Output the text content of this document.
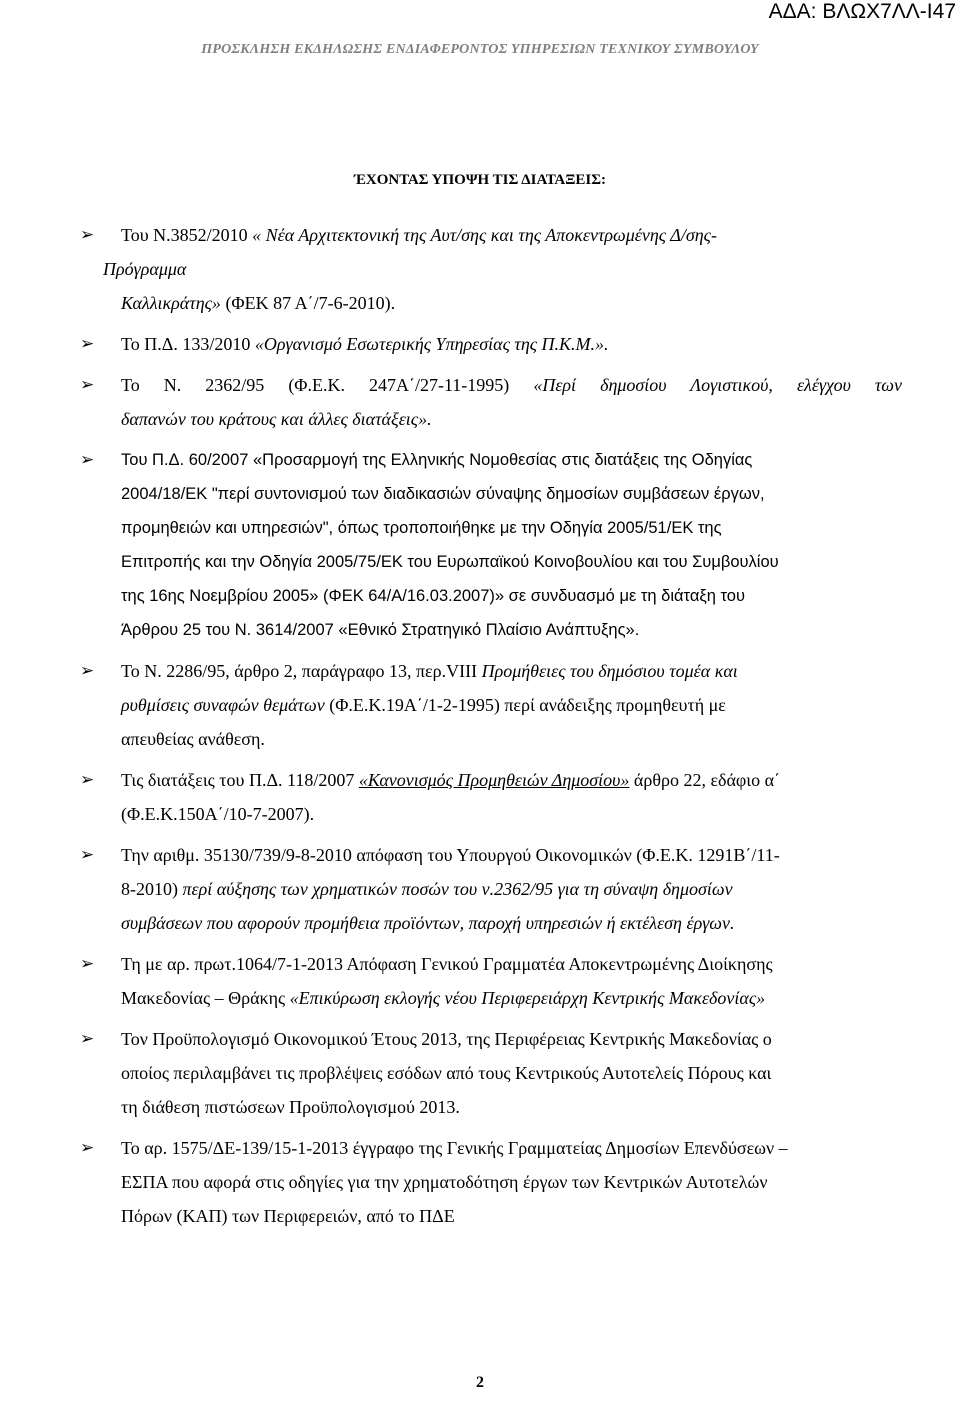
ΑΔΑ: ΒΛΩΧ7ΛΛ-Ι47
ΠΡΟΣΚΛΗΣΗ ΕΚΔΗΛΩΣΗΣ ΕΝΔΙΑΦΕΡΟΝΤΟΣ ΥΠΗΡΕΣΙΩΝ ΤΕΧΝΙΚΟΥ ΣΥΜΒΟΥΛΟΥ
ΈΧΟΝΤΑΣ ΥΠΟΨΗ ΤΙΣ ΔΙΑΤΑΞΕΙΣ:
➢ Του Ν.3852/2010 « Νέα Αρχιτεκτονική της Αυτ/σης και της Αποκεντρωμένης Δ/σης-
Πρόγραμμα
Καλλικράτης» (ΦΕΚ 87 Α΄/7-6-2010).
➢ Το Π.Δ. 133/2010 «Οργανισμό Εσωτερικής Υπηρεσίας της Π.Κ.Μ.».
➢ Το Ν. 2362/95 (Φ.Ε.Κ. 247Α΄/27-11-1995) «Περί δημοσίου Λογιστικού, ελέγχου των
δαπανών του κράτους και άλλες διατάξεις».
➢ Του Π.Δ. 60/2007 «Προσαρμογή της Ελληνικής Νομοθεσίας στις διατάξεις της Οδηγίας
2004/18/ΕΚ "περί συντονισμού των διαδικασιών σύναψης δημοσίων συμβάσεων έργων,
προμηθειών και υπηρεσιών", όπως τροποποιήθηκε με την Οδηγία 2005/51/ΕΚ της
Επιτροπής και την Οδηγία 2005/75/ΕΚ του Ευρωπαϊκού Κοινοβουλίου και του Συμβουλίου
της 16ης Νοεμβρίου 2005» (ΦΕΚ 64/Α/16.03.2007)» σε συνδυασμό με τη διάταξη του
Άρθρου 25 του Ν. 3614/2007 «Εθνικό Στρατηγικό Πλαίσιο Ανάπτυξης».
➢ Το Ν. 2286/95, άρθρο 2, παράγραφο 13, περ.VIII Προμήθειες του δημόσιου τομέα και
ρυθμίσεις συναφών θεμάτων (Φ.Ε.Κ.19Α΄/1-2-1995) περί ανάδειξης προμηθευτή με
απευθείας ανάθεση.
➢ Τις διατάξεις του Π.Δ. 118/2007 «Κανονισμός Προμηθειών Δημοσίου» άρθρο 22, εδάφιο α΄
(Φ.Ε.Κ.150Α΄/10-7-2007).
➢ Την αριθμ. 35130/739/9-8-2010 απόφαση του Υπουργού Οικονομικών (Φ.Ε.Κ. 1291Β΄/11-
8-2010) περί αύξησης των χρηματικών ποσών του ν.2362/95 για τη σύναψη δημοσίων
συμβάσεων που αφορούν προμήθεια προϊόντων, παροχή υπηρεσιών ή εκτέλεση έργων.
➢ Τη με αρ. πρωτ.1064/7-1-2013 Απόφαση Γενικού Γραμματέα Αποκεντρωμένης Διοίκησης
Μακεδονίας – Θράκης «Επικύρωση εκλογής νέου Περιφερειάρχη Κεντρικής Μακεδονίας»
➢ Τον Προϋπολογισμό Οικονομικού Έτους 2013, της Περιφέρειας Κεντρικής Μακεδονίας ο
οποίος περιλαμβάνει τις προβλέψεις εσόδων από τους Κεντρικούς Αυτοτελείς Πόρους και
τη διάθεση πιστώσεων Προϋπολογισμού 2013.
➢ Το αρ. 1575/ΔΕ-139/15-1-2013 έγγραφο της Γενικής Γραμματείας Δημοσίων Επενδύσεων –
ΕΣΠΑ που αφορά στις οδηγίες για την χρηματοδότηση έργων των Κεντρικών Αυτοτελών
Πόρων (ΚΑΠ) των Περιφερειών, από το ΠΔΕ
2
